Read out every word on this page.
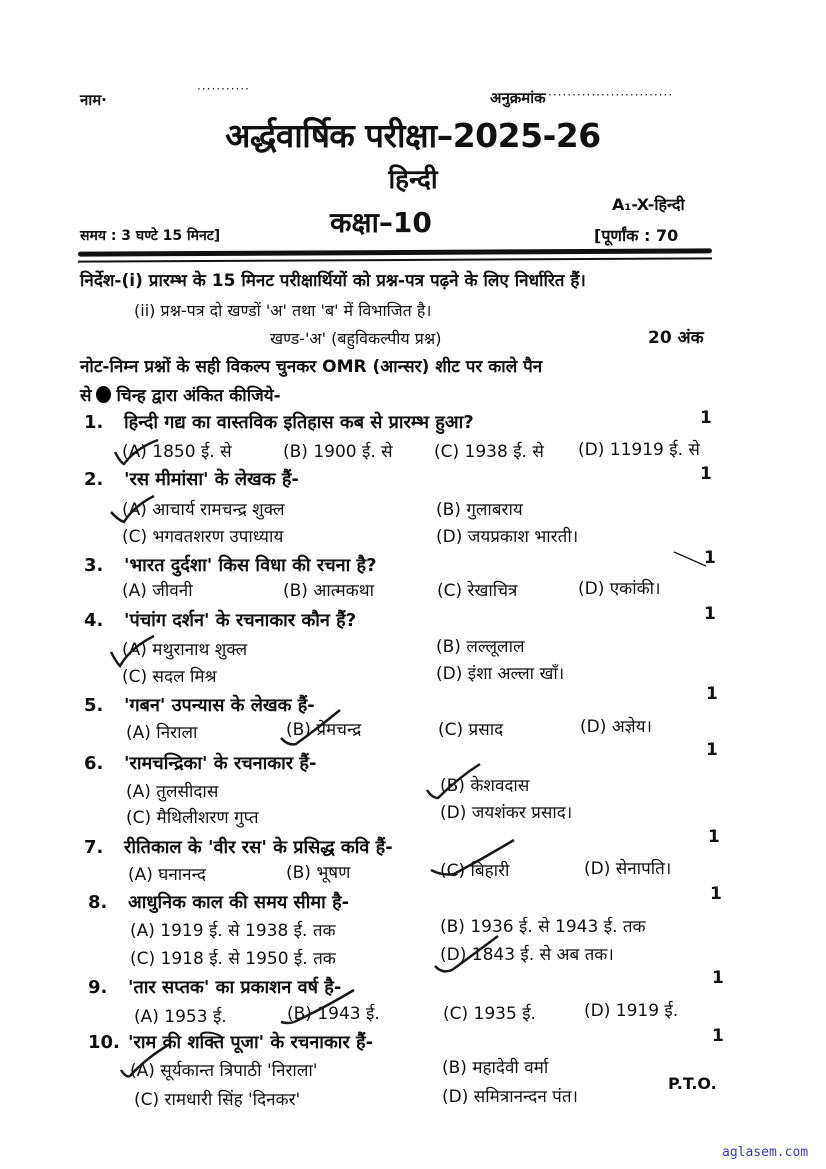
नाम·
···········	अनुक्रमांक ··························
अर्द्धवार्षिक परीक्षा–2025-26
हिन्दी
कक्षा–10
समय : 3 घण्टे 15 मिनट]
A₁-X-हिन्दी
[पूर्णांक : 70
निर्देश-(i) प्रारम्भ के 15 मिनट परीक्षार्थियों को प्रश्न-पत्र पढ़ने के लिए निर्धारित हैं।
(ii) प्रश्न-पत्र दो खण्डों 'अ' तथा 'ब' में विभाजित है।
खण्ड-'अ' (बहुविकल्पीय प्रश्न)	20 अंक
नोट-निम्न प्रश्नों के सही विकल्प चुनकर OMR (आन्सर) शीट पर काले पैन
से चिन्ह द्वारा अंकित कीजिये-
1. हिन्दी गद्य का वास्तविक इतिहास कब से प्रारम्भ हुआ?	1
(A) 1850 ई. से	(B) 1900 ई. से (C) 1938 ई. से (D) 11919 ई. से
2. 'रस मीमांसा' के लेखक हैं-	1
(A) आचार्य रामचन्द्र शुक्ल	(B) गुलाबराय
(C) भगवतशरण उपाध्याय	(D) जयप्रकाश भारती।
3. 'भारत दुर्दशा' किस विधा की रचना है?	1
(A) जीवनी	(B) आत्मकथा	(C) रेखाचित्र	(D) एकांकी।
4. 'पंचांग दर्शन' के रचनाकार कौन हैं?	1
(A) मथुरानाथ शुक्ल	(B) लल्लूलाल
(C) सदल मिश्र	(D) इंशा अल्ला खाँ।
5. 'गबन' उपन्यास के लेखक हैं-
1
(A) निराला	(B) प्रेमचन्द्र	(C) प्रसाद	(D) अज्ञेय।
6. 'रामचन्द्रिका' के रचनाकार हैं-
1
(A) तुलसीदास	(B) केशवदास
(C) मैथिलीशरण गुप्त	(D) जयशंकर प्रसाद।
7. रीतिकाल के 'वीर रस' के प्रसिद्ध कवि हैं-	1
(A) घनानन्द	(B) भूषण	(C) बिहारी	(D) सेनापति।
8. आधुनिक काल की समय सीमा है-	1
(A) 1919 ई. से 1938 ई. तक	(B) 1936 ई. से 1943 ई. तक
(C) 1918 ई. से 1950 ई. तक	(D) 1843 ई. से अब तक।
9. 'तार सप्तक' का प्रकाशन वर्ष है-	1
(A) 1953 ई.	(B) 1943 ई.	(C) 1935 ई.	(D) 1919 ई.
10. 'राम की शक्ति पूजा' के रचनाकार हैं-	1
(A) सूर्यकान्त त्रिपाठी 'निराला'	(B) महादेवी वर्मा
(C) रामधारी सिंह 'दिनकर'	(D) समित्रानन्दन पंत।
P.T.O.
aglasem.com
